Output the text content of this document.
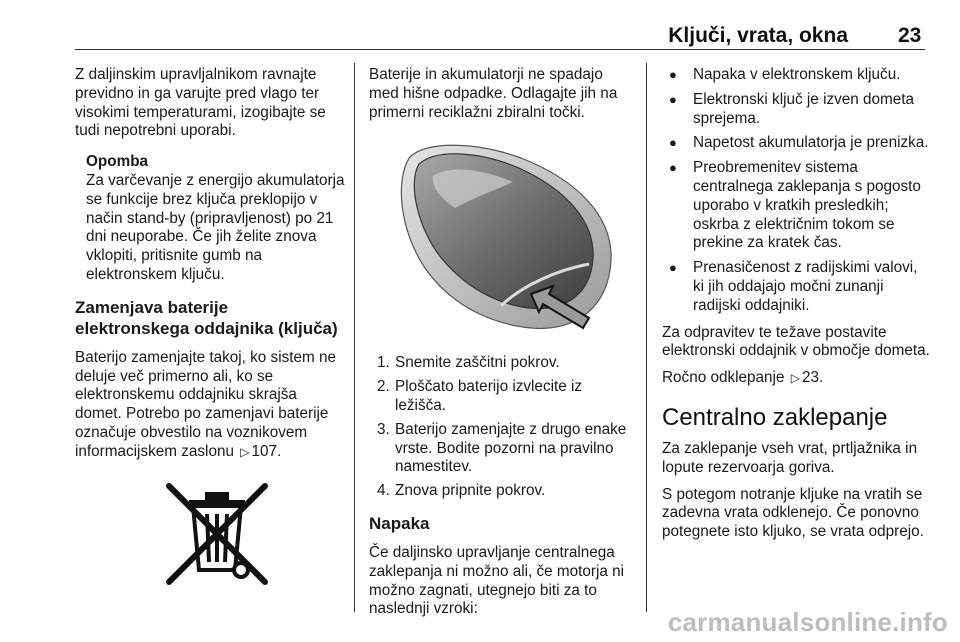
Ključi, vrata, okna 23

Z daljinskim upravljalnikom ravnajte previdno in ga varujte pred vlago ter visokimi temperaturami, izogibajte se tudi nepotrebni uporabi.

Opomba
Za varčevanje z energijo akumulatorja se funkcije brez ključa preklopijo v način stand-by (pripravljenost) po 21 dni neuporabe. Če jih želite znova vklopiti, pritisnite gumb na elektronskem ključu.
Zamenjava baterije elektronskega oddajnika (ključa)

Baterijo zamenjajte takoj, ko sistem ne deluje več primerno ali, ko se elektronskemu oddajniku skrajša domet. Potrebo po zamenjavi baterije označuje obvestilo na voznikovem informacijskem zaslonu ▷ 107.

Baterije in akumulatorji ne spadajo med hišne odpadke. Odlagajte jih na primerni reciklažni zbiralni točki.

1. Snemite zaščitni pokrov.
2. Ploščato baterijo izvlecite iz ležišča.
3. Baterijo zamenjajte z drugo enake vrste. Bodite pozorni na pravilno namestitev.
4. Znova pripnite pokrov.
Napaka

Če daljinsko upravljanje centralnega zaklepanja ni možno ali, če motorja ni možno zagnati, utegnejo biti za to naslednji vzroki:

● Napaka v elektronskem ključu.
● Elektronski ključ je izven dometa sprejema.
● Napetost akumulatorja je prenizka.
● Preobremenitev sistema centralnega zaklepanja s pogosto uporabo v kratkih presledkih; oskrba z električnim tokom se prekine za kratek čas.
● Prenasičenost z radijskimi valovi, ki jih oddajajo močni zunanji radijski oddajniki.

Za odpravitev te težave postavite elektronski oddajnik v območje dometa.

Ročno odklepanje ▷ 23.

Centralno zaklepanje

Za zaklepanje vseh vrat, prtljažnika in lopute rezervoarja goriva.

S potegom notranje kljuke na vratih se zadevna vrata odklenejo. Če ponovno potegnete isto kljuko, se vrata odprejo.

carmanualsonline.info
